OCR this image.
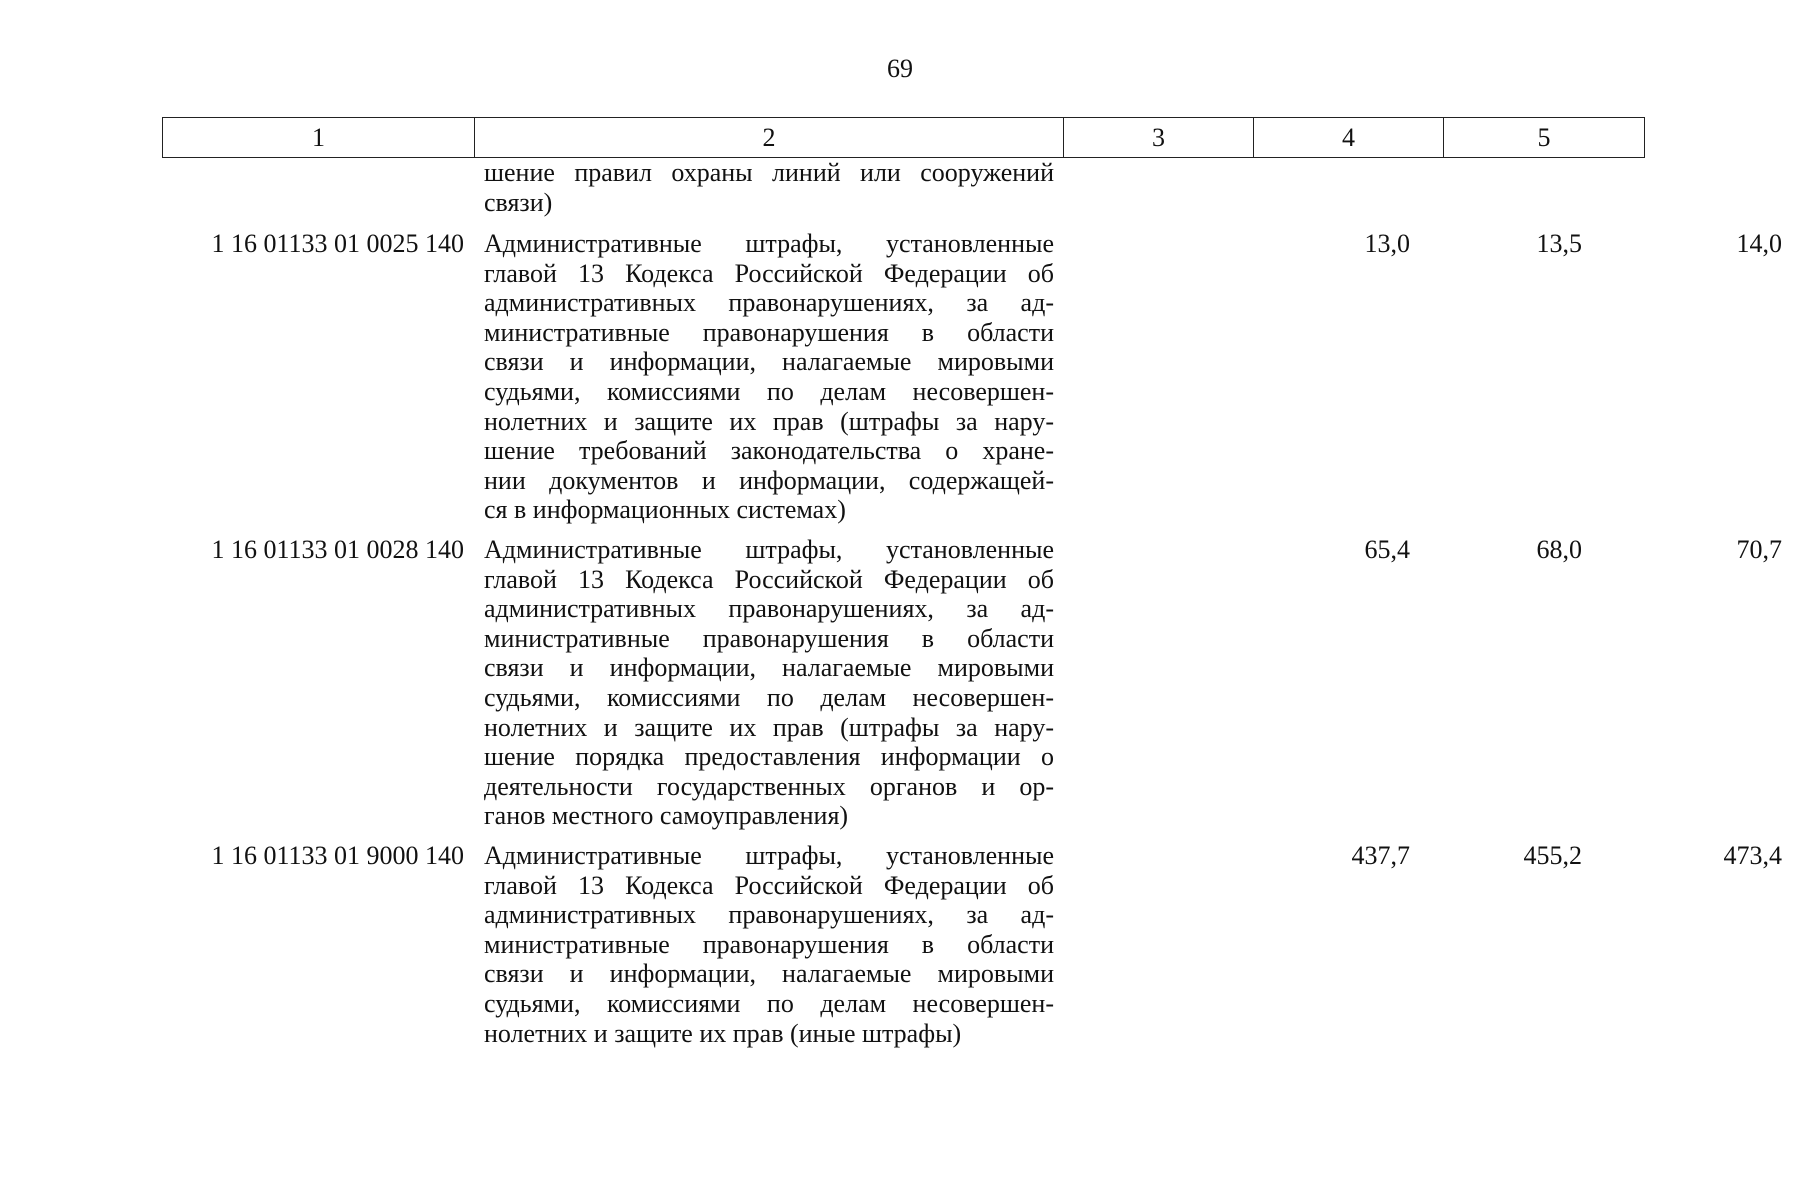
69
1	2	3	4	5
шение правил охраны линий или сооружений
связи)
1 16 01133 01 0025 140 Административные штрафы, установленные
главой 13 Кодекса Российской Федерации об
административных правонарушениях, за ад-
министративные правонарушения в области
связи и информации, налагаемые мировыми
судьями, комиссиями по делам несовершен-
нолетних и защите их прав (штрафы за нару-
шение требований законодательства о хране-
нии документов и информации, содержащей-
ся в информационных системах)
13,0	13,5	14,0
1 16 01133 01 0028 140 Административные штрафы, установленные
главой 13 Кодекса Российской Федерации об
административных правонарушениях, за ад-
министративные правонарушения в области
связи и информации, налагаемые мировыми
судьями, комиссиями по делам несовершен-
нолетних и защите их прав (штрафы за нару-
шение порядка предоставления информации о
деятельности государственных органов и ор-
ганов местного самоуправления)
65,4	68,0	70,7
1 16 01133 01 9000 140 Административные штрафы, установленные
главой 13 Кодекса Российской Федерации об
административных правонарушениях, за ад-
министративные правонарушения в области
связи и информации, налагаемые мировыми
судьями, комиссиями по делам несовершен-
нолетних и защите их прав (иные штрафы)
437,7	455,2	473,4
